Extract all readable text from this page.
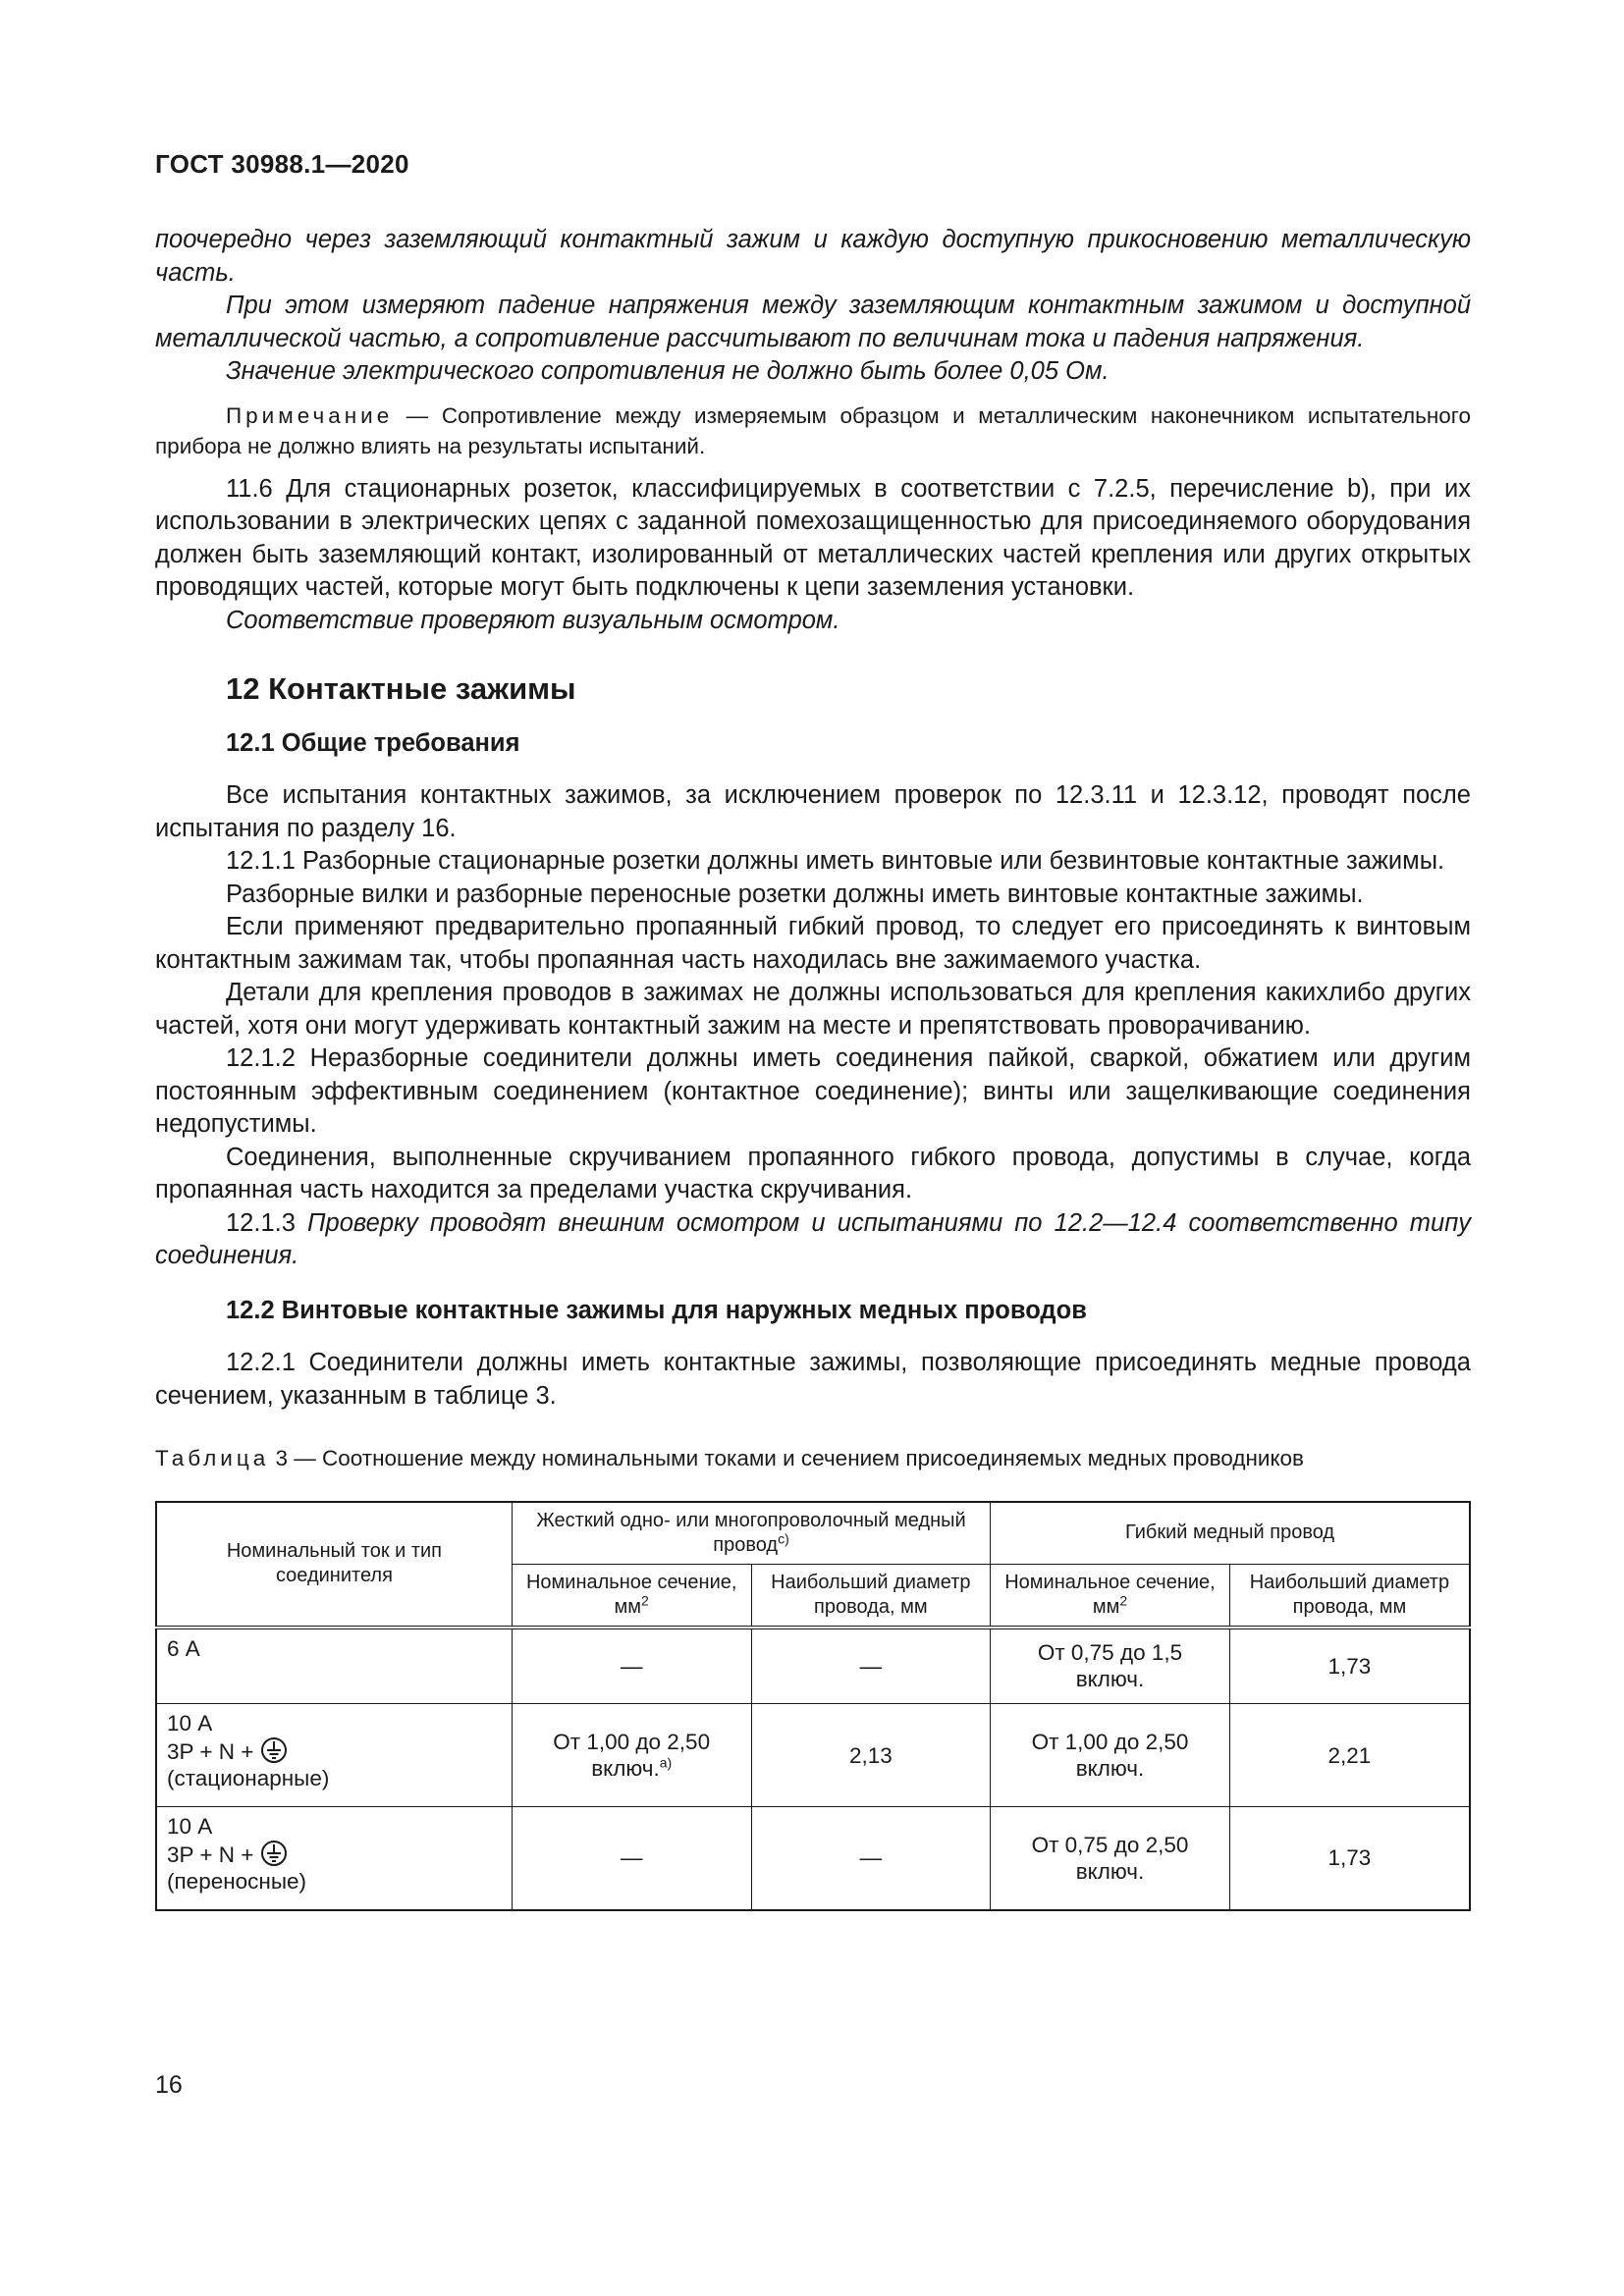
ГОСТ 30988.1—2020

поочередно через заземляющий контактный зажим и каждую доступную прикосновению металлическую часть.

При этом измеряют падение напряжения между заземляющим контактным зажимом и доступной металлической частью, а сопротивление рассчитывают по величинам тока и падения напряжения.

Значение электрического сопротивления не должно быть более 0,05 Ом.

Примечание — Сопротивление между измеряемым образцом и металлическим наконечником испытательного прибора не должно влиять на результаты испытаний.

11.6 Для стационарных розеток, классифицируемых в соответствии с 7.2.5, перечисление b), при их использовании в электрических цепях с заданной помехозащищенностью для присоединяемого оборудования должен быть заземляющий контакт, изолированный от металлических частей крепления или других открытых проводящих частей, которые могут быть подключены к цепи заземления установки.

Соответствие проверяют визуальным осмотром.

12 Контактные зажимы

12.1 Общие требования

Все испытания контактных зажимов, за исключением проверок по 12.3.11 и 12.3.12, проводят после испытания по разделу 16.

12.1.1 Разборные стационарные розетки должны иметь винтовые или безвинтовые контактные зажимы.

Разборные вилки и разборные переносные розетки должны иметь винтовые контактные зажимы.

Если применяют предварительно пропаянный гибкий провод, то следует его присоединять к винтовым контактным зажимам так, чтобы пропаянная часть находилась вне зажимаемого участка.

Детали для крепления проводов в зажимах не должны использоваться для крепления какихлибо других частей, хотя они могут удерживать контактный зажим на месте и препятствовать проворачиванию.

12.1.2 Неразборные соединители должны иметь соединения пайкой, сваркой, обжатием или другим постоянным эффективным соединением (контактное соединение); винты или защелкивающие соединения недопустимы.

Соединения, выполненные скручиванием пропаянного гибкого провода, допустимы в случае, когда пропаянная часть находится за пределами участка скручивания.

12.1.3 Проверку проводят внешним осмотром и испытаниями по 12.2—12.4 соответственно типу соединения.

12.2 Винтовые контактные зажимы для наружных медных проводов

12.2.1 Соединители должны иметь контактные зажимы, позволяющие присоединять медные провода сечением, указанным в таблице 3.

Таблица 3 — Соотношение между номинальными токами и сечением присоединяемых медных проводников

Номинальный ток и тип соединителя	Жесткий одно- или многопроволочный медный провод$^{c)}$		Гибкий медный провод	
	Номинальное сечение, $мм^2$	Наибольший диаметр провода, мм	Номинальное сечение, $мм^2$	Наибольший диаметр провода, мм

6 А	—	—	От 0,75 до 1,5 включ.	1,73

10 А
3P + N +
(стационарные)	От 1,00 до 2,50 включ.$^{а)}$	2,13	От 1,00 до 2,50 включ.	2,21

10 А
3P + N +
(переносные)	—	—	От 0,75 до 2,50 включ.	1,73
16
